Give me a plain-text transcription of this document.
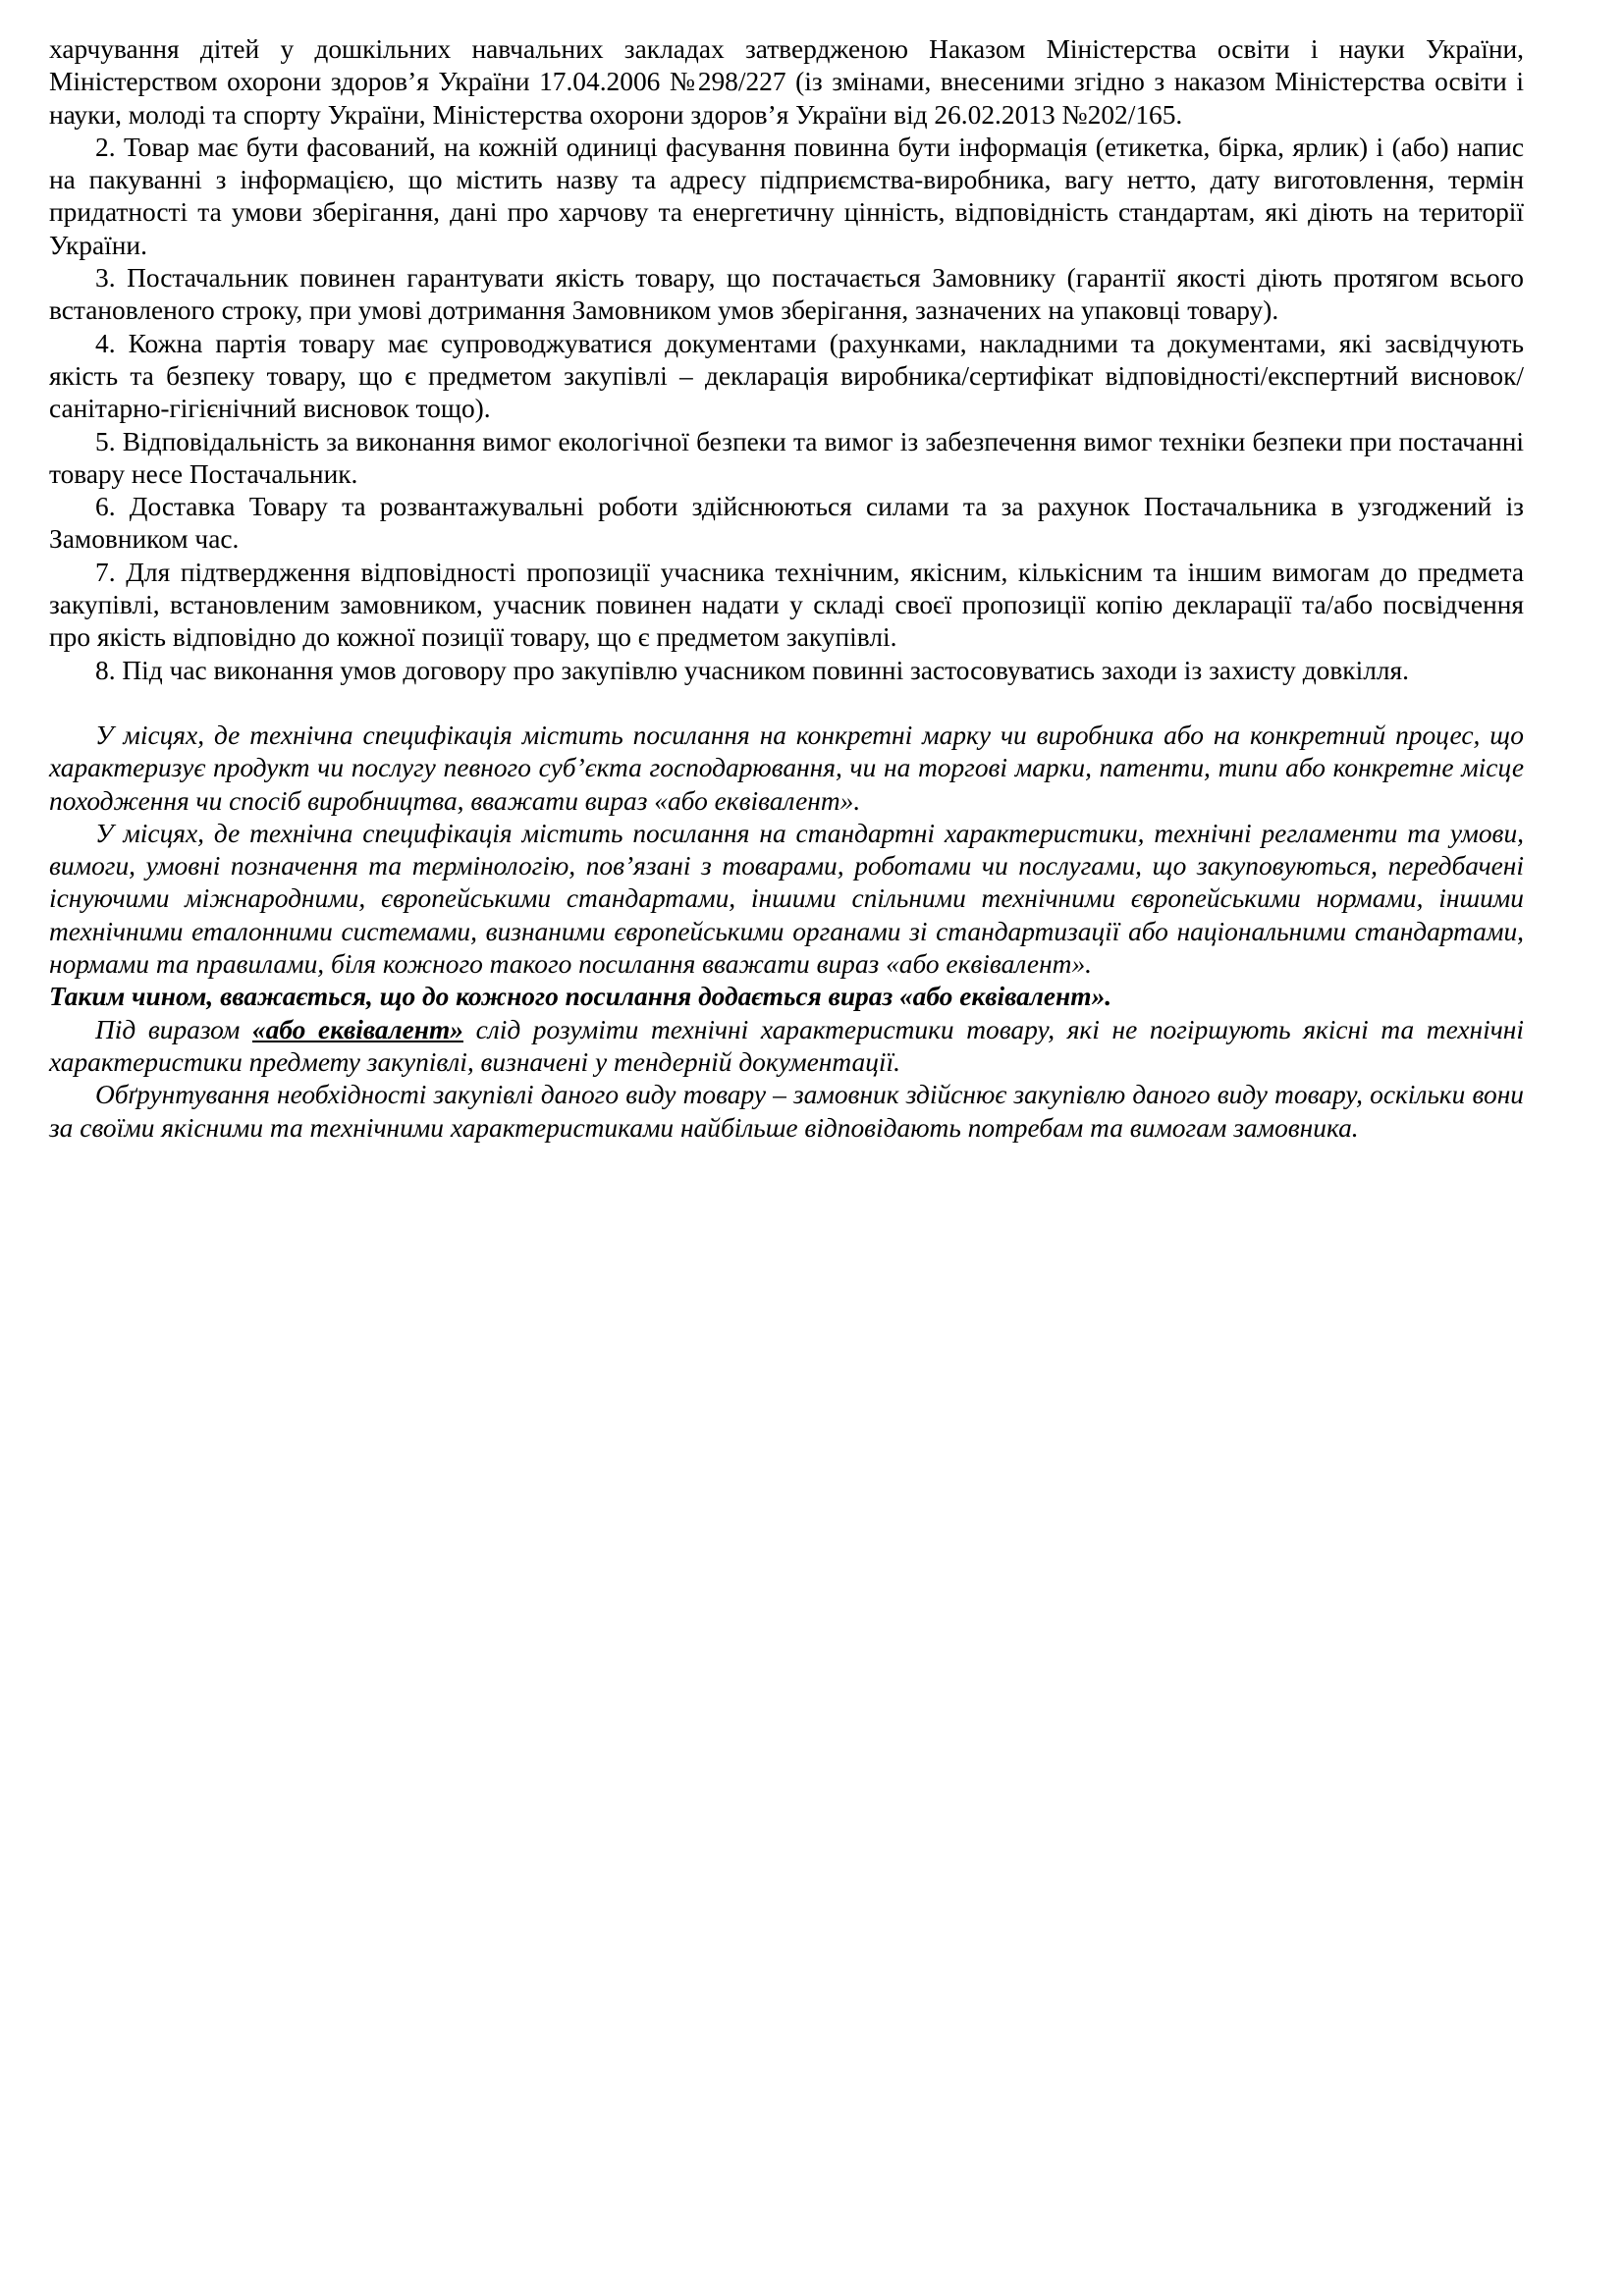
харчування дітей у дошкільних навчальних закладах затвердженою Наказом Міністерства освіти і науки України, Міністерством охорони здоров’я України 17.04.2006 №298/227 (із змінами, внесеними згідно з наказом Міністерства освіти і науки, молоді та спорту України, Міністерства охорони здоров’я України від 26.02.2013 №202/165.

2. Товар має бути фасований, на кожній одиниці фасування повинна бути інформація (етикетка, бірка, ярлик) і (або) напис на пакуванні з інформацією, що містить назву та адресу підприємства-виробника, вагу нетто, дату виготовлення, термін придатності та умови зберігання, дані про харчову та енергетичну цінність, відповідність стандартам, які діють на території України.

3. Постачальник повинен гарантувати якість товару, що постачається Замовнику (гарантії якості діють протягом всього встановленого строку, при умові дотримання Замовником умов зберігання, зазначених на упаковці товару).

4. Кожна партія товару має супроводжуватися документами (рахунками, накладними та документами, які засвідчують якість та безпеку товару, що є предметом закупівлі – декларація виробника/сертифікат відповідності/експертний висновок/санітарно-гігієнічний висновок тощо).

5. Відповідальність за виконання вимог екологічної безпеки та вимог із забезпечення вимог техніки безпеки при постачанні товару несе Постачальник.

6. Доставка Товару та розвантажувальні роботи здійснюються силами та за рахунок Постачальника в узгоджений із Замовником час.

7. Для підтвердження відповідності пропозиції учасника технічним, якісним, кількісним та іншим вимогам до предмета закупівлі, встановленим замовником, учасник повинен надати у складі своєї пропозиції копію декларації та/або посвідчення про якість відповідно до кожної позиції товару, що є предметом закупівлі.

8. Під час виконання умов договору про закупівлю учасником повинні застосовуватись заходи із захисту довкілля.

У місцях, де технічна специфікація містить посилання на конкретні марку чи виробника або на конкретний процес, що характеризує продукт чи послугу певного суб’єкта господарювання, чи на торгові марки, патенти, типи або конкретне місце походження чи спосіб виробництва, вважати вираз «або еквівалент».

У місцях, де технічна специфікація містить посилання на стандартні характеристики, технічні регламенти та умови, вимоги, умовні позначення та термінологію, пов’язані з товарами, роботами чи послугами, що закуповуються, передбачені існуючими міжнародними, європейськими стандартами, іншими спільними технічними європейськими нормами, іншими технічними еталонними системами, визнаними європейськими органами зі стандартизації або національними стандартами, нормами та правилами, біля кожного такого посилання вважати вираз «або еквівалент».

Таким чином, вважається, що до кожного посилання додається вираз «або еквівалент».

Під виразом «або еквівалент» слід розуміти технічні характеристики товару, які не погіршують якісні та технічні характеристики предмету закупівлі, визначені у тендерній документації.

Обґрунтування необхідності закупівлі даного виду товару – замовник здійснює закупівлю даного виду товару, оскільки вони за своїми якісними та технічними характеристиками найбільше відповідають потребам та вимогам замовника.
